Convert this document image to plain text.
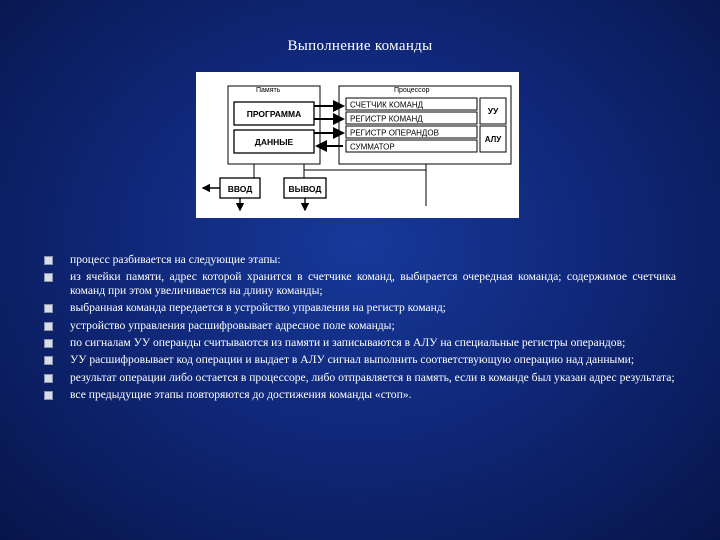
Выполнение команды
Память
ПРОГРАММА
ДАННЫЕ
Процессор
СЧЕТЧИК КОМАНД
РЕГИСТР КОМАНД
РЕГИСТР ОПЕРАНДОВ
СУММАТОР
УУ
АЛУ
ВВОД	ВЫВОД
процесс разбивается на следующие этапы:
из ячейки памяти, адрес которой хранится в счетчике команд, выбирается очередная команда; содержимое счетчика команд при этом увеличивается на длину команды;
выбранная команда передается в устройство управления на регистр команд;
устройство управления расшифровывает адресное поле команды;
по сигналам УУ операнды считываются из памяти и записываются в АЛУ на специальные регистры операндов;
УУ расшифровывает код операции и выдает в АЛУ сигнал выполнить соответствующую операцию над данными;
результат операции либо остается в процессоре, либо отправляется в память, если в команде был указан адрес результата;
все предыдущие этапы повторяются до достижения команды «стоп».
